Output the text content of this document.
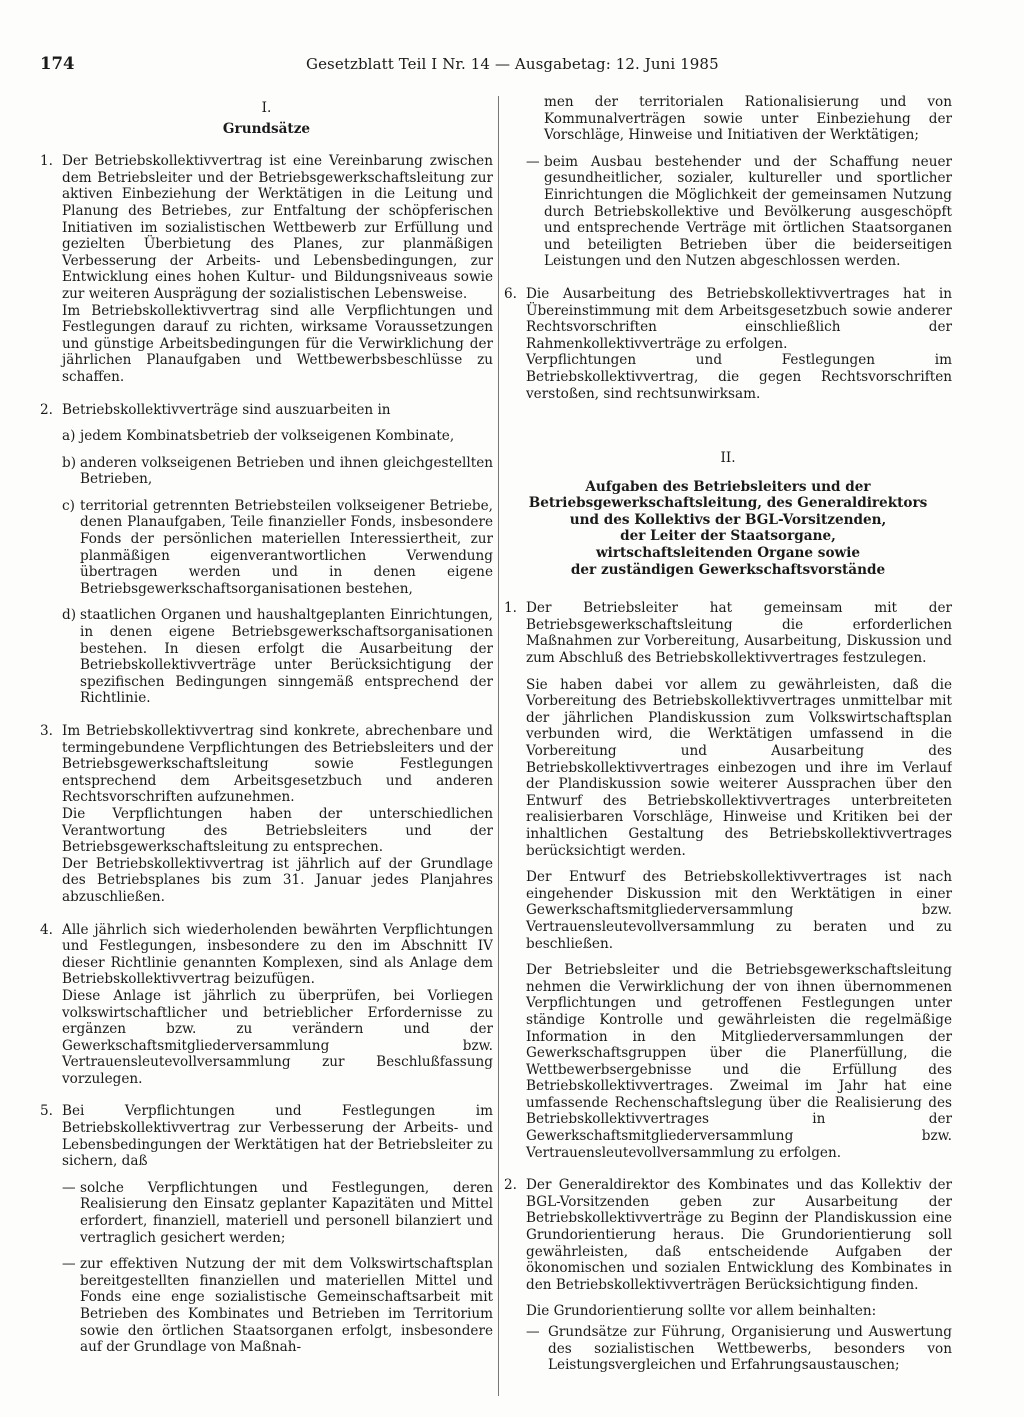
174	Gesetzblatt Teil I Nr. 14 — Ausgabetag: 12. Juni 1985

I.

Grundsätze

1. Der Betriebskollektivvertrag ist eine Vereinbarung zwischen dem Betriebsleiter und der Betriebsgewerkschaftsleitung zur aktiven Einbeziehung der Werktätigen in die Leitung und Planung des Betriebes, zur Entfaltung der schöpferischen Initiativen im sozialistischen Wettbewerb zur Erfüllung und gezielten Überbietung des Planes, zur planmäßigen Verbesserung der Arbeits- und Lebensbedingungen, zur Entwicklung eines hohen Kultur- und Bildungsniveaus sowie zur weiteren Ausprägung der sozialistischen Lebensweise.

Im Betriebskollektivvertrag sind alle Verpflichtungen und Festlegungen darauf zu richten, wirksame Voraussetzungen und günstige Arbeitsbedingungen für die Verwirklichung der jährlichen Planaufgaben und Wettbewerbsbeschlüsse zu schaffen.

2. Betriebskollektivverträge sind auszuarbeiten in

a) jedem Kombinatsbetrieb der volkseigenen Kombinate,

b) anderen volkseigenen Betrieben und ihnen gleichgestellten Betrieben,

c) territorial getrennten Betriebsteilen volkseigener Betriebe, denen Planaufgaben, Teile finanzieller Fonds, insbesondere Fonds der persönlichen materiellen Interessiertheit, zur planmäßigen eigenverantwortlichen Verwendung übertragen werden und in denen eigene Betriebsgewerkschaftsorganisationen bestehen,

d) staatlichen Organen und haushaltgeplanten Einrichtungen, in denen eigene Betriebsgewerkschaftsorganisationen bestehen. In diesen erfolgt die Ausarbeitung der Betriebskollektivverträge unter Berücksichtigung der spezifischen Bedingungen sinngemäß entsprechend der Richtlinie.

3. Im Betriebskollektivvertrag sind konkrete, abrechenbare und termingebundene Verpflichtungen des Betriebsleiters und der Betriebsgewerkschaftsleitung sowie Festlegungen entsprechend dem Arbeitsgesetzbuch und anderen Rechtsvorschriften aufzunehmen.

Die Verpflichtungen haben der unterschiedlichen Verantwortung des Betriebsleiters und der Betriebsgewerkschaftsleitung zu entsprechen.

Der Betriebskollektivvertrag ist jährlich auf der Grundlage des Betriebsplanes bis zum 31. Januar jedes Planjahres abzuschließen.

4. Alle jährlich sich wiederholenden bewährten Verpflichtungen und Festlegungen, insbesondere zu den im Abschnitt IV dieser Richtlinie genannten Komplexen, sind als Anlage dem Betriebskollektivvertrag beizufügen.

Diese Anlage ist jährlich zu überprüfen, bei Vorliegen volkswirtschaftlicher und betrieblicher Erfordernisse zu ergänzen bzw. zu verändern und der Gewerkschaftsmitgliederversammlung bzw. Vertrauensleutevollversammlung zur Beschlußfassung vorzulegen.

5. Bei Verpflichtungen und Festlegungen im Betriebskollektivvertrag zur Verbesserung der Arbeits- und Lebensbedingungen der Werktätigen hat der Betriebsleiter zu sichern, daß

— solche Verpflichtungen und Festlegungen, deren Realisierung den Einsatz geplanter Kapazitäten und Mittel erfordert, finanziell, materiell und personell bilanziert und vertraglich gesichert werden;

— zur effektiven Nutzung der mit dem Volkswirtschaftsplan bereitgestellten finanziellen und materiellen Mittel und Fonds eine enge sozialistische Gemeinschaftsarbeit mit Betrieben des Kombinates und Betrieben im Territorium sowie den örtlichen Staatsorganen erfolgt, insbesondere auf der Grundlage von Maßnah-

men der territorialen Rationalisierung und von Kommunalverträgen sowie unter Einbeziehung der Vorschläge, Hinweise und Initiativen der Werktätigen;

— beim Ausbau bestehender und der Schaffung neuer gesundheitlicher, sozialer, kultureller und sportlicher Einrichtungen die Möglichkeit der gemeinsamen Nutzung durch Betriebskollektive und Bevölkerung ausgeschöpft und entsprechende Verträge mit örtlichen Staatsorganen und beteiligten Betrieben über die beiderseitigen Leistungen und den Nutzen abgeschlossen werden.

6. Die Ausarbeitung des Betriebskollektivvertrages hat in Übereinstimmung mit dem Arbeitsgesetzbuch sowie anderer Rechtsvorschriften einschließlich der Rahmenkollektivverträge zu erfolgen.

Verpflichtungen und Festlegungen im Betriebskollektivvertrag, die gegen Rechtsvorschriften verstoßen, sind rechtsunwirksam.

II.

Aufgaben des Betriebsleiters und der
Betriebsgewerkschaftsleitung, des Generaldirektors
und des Kollektivs der BGL-Vorsitzenden,
der Leiter der Staatsorgane,
wirtschaftsleitenden Organe sowie
der zuständigen Gewerkschaftsvorstände
1. Der Betriebsleiter hat gemeinsam mit der Betriebsgewerkschaftsleitung die erforderlichen Maßnahmen zur Vorbereitung, Ausarbeitung, Diskussion und zum Abschluß des Betriebskollektivvertrages festzulegen.

Sie haben dabei vor allem zu gewährleisten, daß die Vorbereitung des Betriebskollektivvertrages unmittelbar mit der jährlichen Plandiskussion zum Volkswirtschaftsplan verbunden wird, die Werktätigen umfassend in die Vorbereitung und Ausarbeitung des Betriebskollektivvertrages einbezogen und ihre im Verlauf der Plandiskussion sowie weiterer Aussprachen über den Entwurf des Betriebskollektivvertrages unterbreiteten realisierbaren Vorschläge, Hinweise und Kritiken bei der inhaltlichen Gestaltung des Betriebskollektivvertrages berücksichtigt werden.

Der Entwurf des Betriebskollektivvertrages ist nach eingehender Diskussion mit den Werktätigen in einer Gewerkschaftsmitgliederversammlung bzw. Vertrauensleutevollversammlung zu beraten und zu beschließen.

Der Betriebsleiter und die Betriebsgewerkschaftsleitung nehmen die Verwirklichung der von ihnen übernommenen Verpflichtungen und getroffenen Festlegungen unter ständige Kontrolle und gewährleisten die regelmäßige Information in den Mitgliederversammlungen der Gewerkschaftsgruppen über die Planerfüllung, die Wettbewerbsergebnisse und die Erfüllung des Betriebskollektivvertrages. Zweimal im Jahr hat eine umfassende Rechenschaftslegung über die Realisierung des Betriebskollektivvertrages in der Gewerkschaftsmitgliederversammlung bzw. Vertrauensleutevollversammlung zu erfolgen.

2. Der Generaldirektor des Kombinates und das Kollektiv der BGL-Vorsitzenden geben zur Ausarbeitung der Betriebskollektivverträge zu Beginn der Plandiskussion eine Grundorientierung heraus. Die Grundorientierung soll gewährleisten, daß entscheidende Aufgaben der ökonomischen und sozialen Entwicklung des Kombinates in den Betriebskollektivverträgen Berücksichtigung finden.

Die Grundorientierung sollte vor allem beinhalten:

— Grundsätze zur Führung, Organisierung und Auswertung des sozialistischen Wettbewerbs, besonders von Leistungsvergleichen und Erfahrungsaustauschen;
